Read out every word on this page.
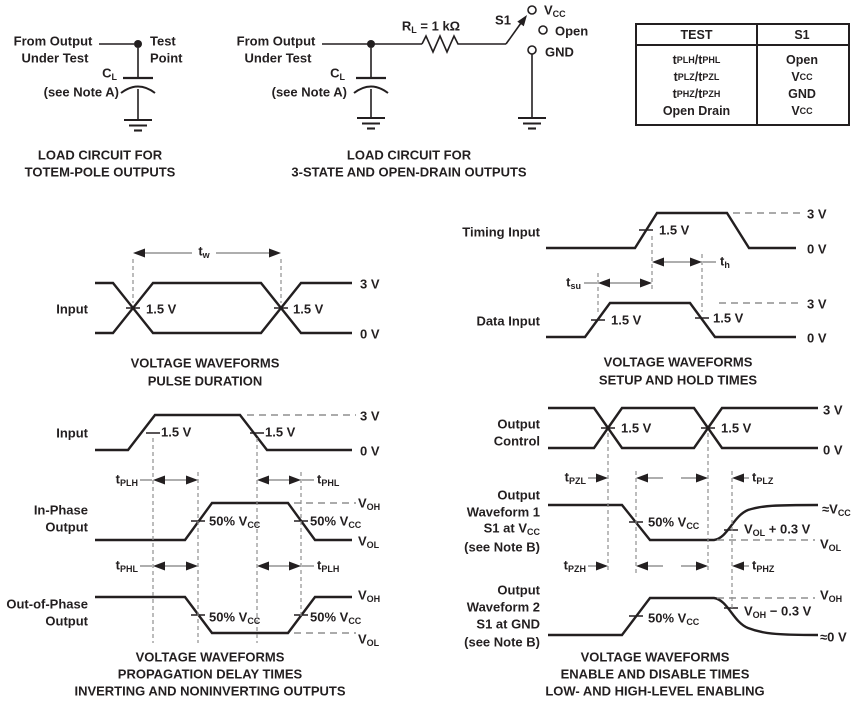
TEST	S1
t PLH /t PHL	Open
t PLZ /t PZL	V CC
t PHZ /t PZH	GND
Open Drain	V CC
From Output
Under Test
Test
Point
$C_L$
(see Note A)
LOAD CIRCUIT FOR
TOTEM-POLE OUTPUTS
From Output
Under Test
$R_L = 1$ kΩ	S1
$V_{CC}$
Open
GND
$C_L$
(see Note A)
LOAD CIRCUIT FOR
3-STATE AND OPEN-DRAIN OUTPUTS
Input
$t_w$
1.5 V	1.5 V
3 V
0 V
VOLTAGE WAVEFORMS
PULSE DURATION
Timing Input	1.5 V
$t_h$
$t_{su}$
Data Input	1.5 V	1.5 V
3 V
0 V
3 V
0 V
VOLTAGE WAVEFORMS
SETUP AND HOLD TIMES
Input	1.5 V	1.5 V
3 V
0 V
$t_{PLH}$	$t_{PHL}$
In-Phase
Output	50% $V_{CC}$	50% $V_{CC}$
$V_{OH}$
$V_{OL}$
$t_{PHL}$	$t_{PLH}$
Out-of-Phase
Output	50% $V_{CC}$	50% $V_{CC}$
$V_{OH}$
$V_{OL}$
VOLTAGE WAVEFORMS
PROPAGATION DELAY TIMES
INVERTING AND NONINVERTING OUTPUTS
Output
Control
1.5 V	1.5 V
3 V
0 V
$t_{PZL}$	$t_{PLZ}$
Output
Waveform 1
S1 at $V_{CC}$
(see Note B)
50% $V_{CC}$
$\approx V_{CC}$
$V_{OL} + 0.3$ V
$V_{OL}$
$t_{PZH}$	$t_{PHZ}$
Output
Waveform 2
S1 at GND
(see Note B)
50% $V_{CC}$
$V_{OH}$
$V_{OH} - 0.3$ V
≈0 V
VOLTAGE WAVEFORMS
ENABLE AND DISABLE TIMES
LOW- AND HIGH-LEVEL ENABLING
